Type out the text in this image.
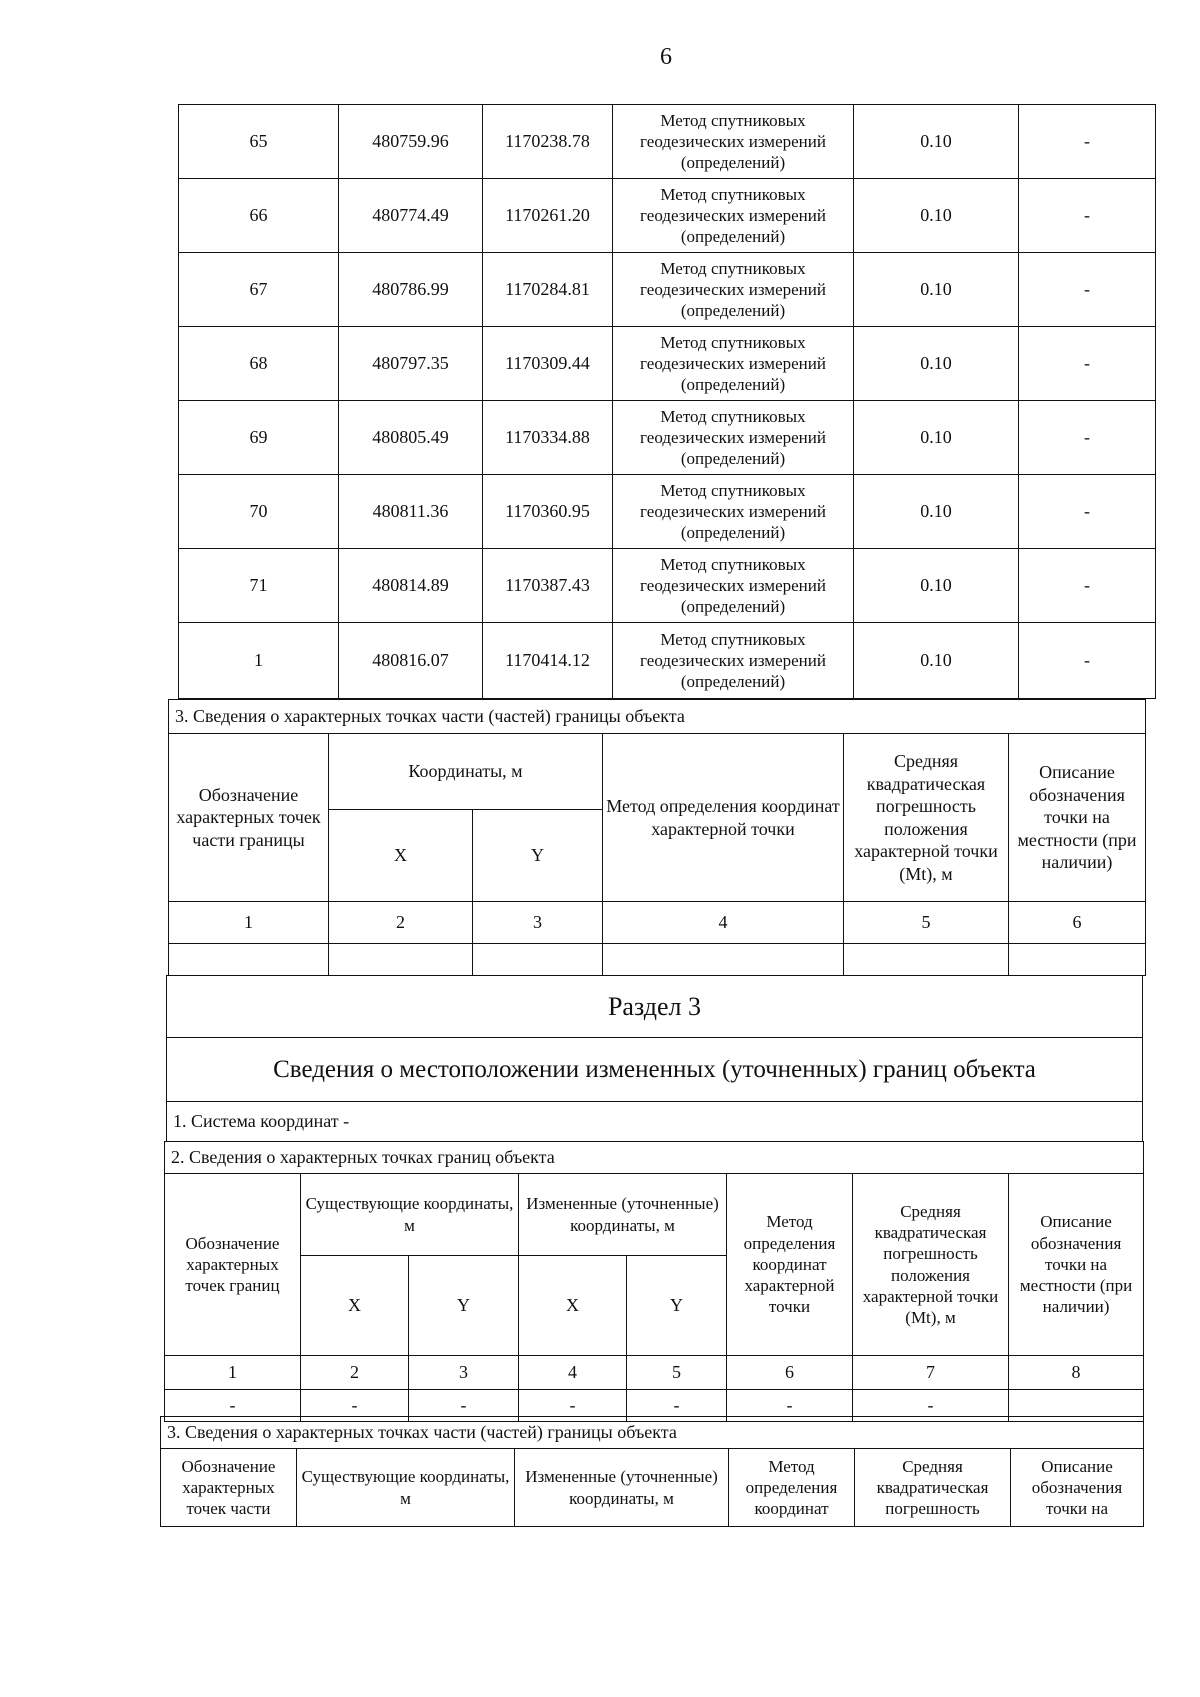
6
65	480759.96	1170238.78	Метод спутниковых геодезических измерений (определений)	0.10	-
66	480774.49	1170261.20	Метод спутниковых геодезических измерений (определений)	0.10	-
67	480786.99	1170284.81	Метод спутниковых геодезических измерений (определений)	0.10	-
68	480797.35	1170309.44	Метод спутниковых геодезических измерений (определений)	0.10	-
69	480805.49	1170334.88	Метод спутниковых геодезических измерений (определений)	0.10	-
70	480811.36	1170360.95	Метод спутниковых геодезических измерений (определений)	0.10	-
71	480814.89	1170387.43	Метод спутниковых геодезических измерений (определений)	0.10	-
1	480816.07	1170414.12	Метод спутниковых геодезических измерений (определений)	0.10	-
3. Сведения о характерных точках части (частей) границы объекта					
Обозначение характерных точек части границы	Координаты, м		Метод определения координат характерной точки	Средняя квадратическая погрешность положения характерной точки (Mt), м	Описание обозначения точки на местности (при наличии)
	X	Y			
1	2	3	4	5	6

Раздел 3
Сведения о местоположении измененных (уточненных) границ объекта
1. Система координат -
2. Сведения о характерных точках границ объекта							
Обозначение характерных точек границ	Существующие координаты, м		Измененные (уточненные) координаты, м		Метод определения координат характерной точки	Средняя квадратическая погрешность положения характерной точки (Mt), м	Описание обозначения точки на местности (при наличии)
	X	Y	X	Y			
1	2	3	4	5	6	7	8
-	-	-	-	-	-	-	
3. Сведения о характерных точках части (частей) границы объекта
Обозначение характерных точек части	Существующие координаты, м	Измененные (уточненные) координаты, м	Метод определения координат	Средняя квадратическая погрешность	Описание обозначения точки на
